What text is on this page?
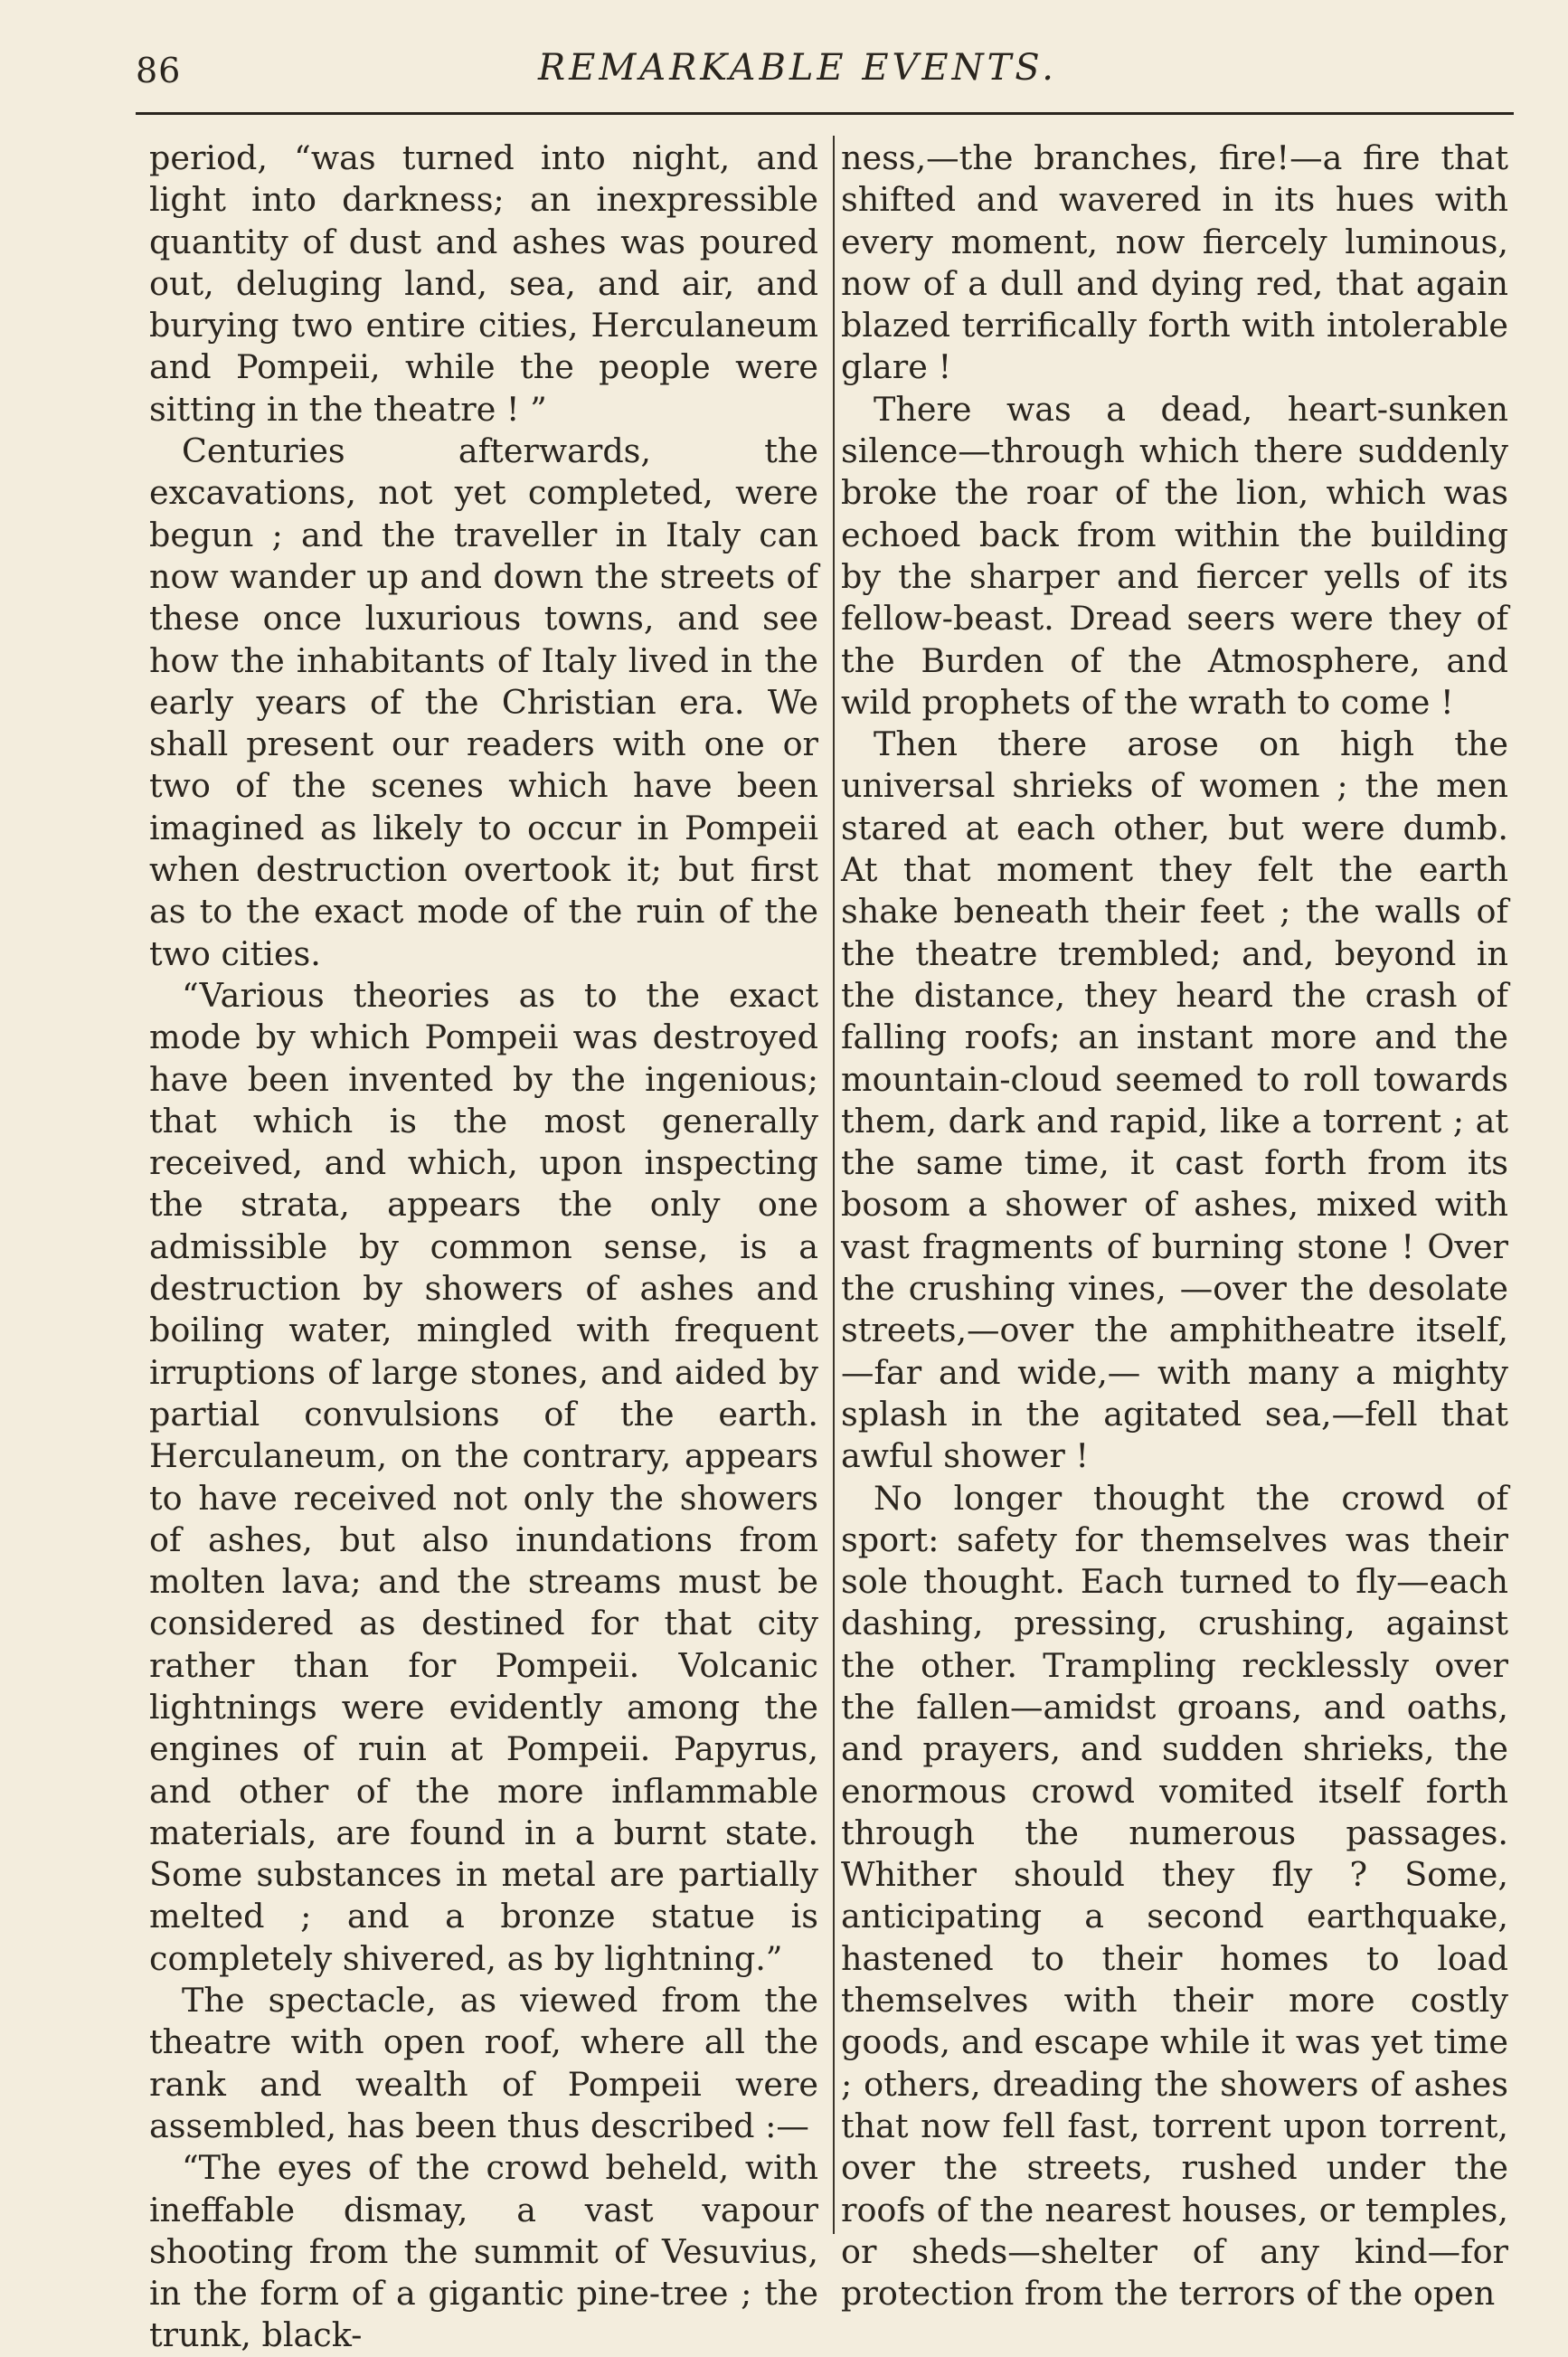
86	REMARKABLE EVENTS.

period, “was turned into night, and light into darkness; an inexpressible quantity of dust and ashes was poured out, deluging land, sea, and air, and burying two entire cities, Herculaneum and Pompeii, while the people were sitting in the theatre ! ”

Centuries afterwards, the excavations, not yet completed, were begun ; and the traveller in Italy can now wander up and down the streets of these once luxurious towns, and see how the inhabitants of Italy lived in the early years of the Christian era. We shall present our readers with one or two of the scenes which have been imagined as likely to occur in Pompeii when destruction overtook it; but first as to the exact mode of the ruin of the two cities.

“Various theories as to the exact mode by which Pompeii was destroyed have been invented by the ingenious; that which is the most generally received, and which, upon inspecting the strata, appears the only one admissible by common sense, is a destruction by showers of ashes and boiling water, mingled with frequent irruptions of large stones, and aided by partial convulsions of the earth. Herculaneum, on the contrary, appears to have received not only the showers of ashes, but also inundations from molten lava; and the streams must be considered as destined for that city rather than for Pompeii. Volcanic lightnings were evidently among the engines of ruin at Pompeii. Papyrus, and other of the more inflammable materials, are found in a burnt state. Some substances in metal are partially melted ; and a bronze statue is completely shivered, as by lightning.”

The spectacle, as viewed from the theatre with open roof, where all the rank and wealth of Pompeii were assembled, has been thus described :—

“The eyes of the crowd beheld, with ineffable dismay, a vast vapour shooting from the summit of Vesuvius, in the form of a gigantic pine-tree ; the trunk, black-

ness,—the branches, fire!—a fire that shifted and wavered in its hues with every moment, now fiercely luminous, now of a dull and dying red, that again blazed terrifically forth with intolerable glare !

There was a dead, heart-sunken silence—through which there suddenly broke the roar of the lion, which was echoed back from within the building by the sharper and fiercer yells of its fellow-beast. Dread seers were they of the Burden of the Atmosphere, and wild prophets of the wrath to come !

Then there arose on high the universal shrieks of women ; the men stared at each other, but were dumb. At that moment they felt the earth shake beneath their feet ; the walls of the theatre trembled; and, beyond in the distance, they heard the crash of falling roofs; an instant more and the mountain-cloud seemed to roll towards them, dark and rapid, like a torrent ; at the same time, it cast forth from its bosom a shower of ashes, mixed with vast fragments of burning stone ! Over the crushing vines, —over the desolate streets,—over the amphitheatre itself,—far and wide,— with many a mighty splash in the agitated sea,—fell that awful shower !

No longer thought the crowd of sport: safety for themselves was their sole thought. Each turned to fly—each dashing, pressing, crushing, against the other. Trampling recklessly over the fallen—amidst groans, and oaths, and prayers, and sudden shrieks, the enormous crowd vomited itself forth through the numerous passages. Whither should they fly ? Some, anticipating a second earthquake, hastened to their homes to load themselves with their more costly goods, and escape while it was yet time ; others, dreading the showers of ashes that now fell fast, torrent upon torrent, over the streets, rushed under the roofs of the nearest houses, or temples, or sheds—shelter of any kind—for protection from the terrors of the open
